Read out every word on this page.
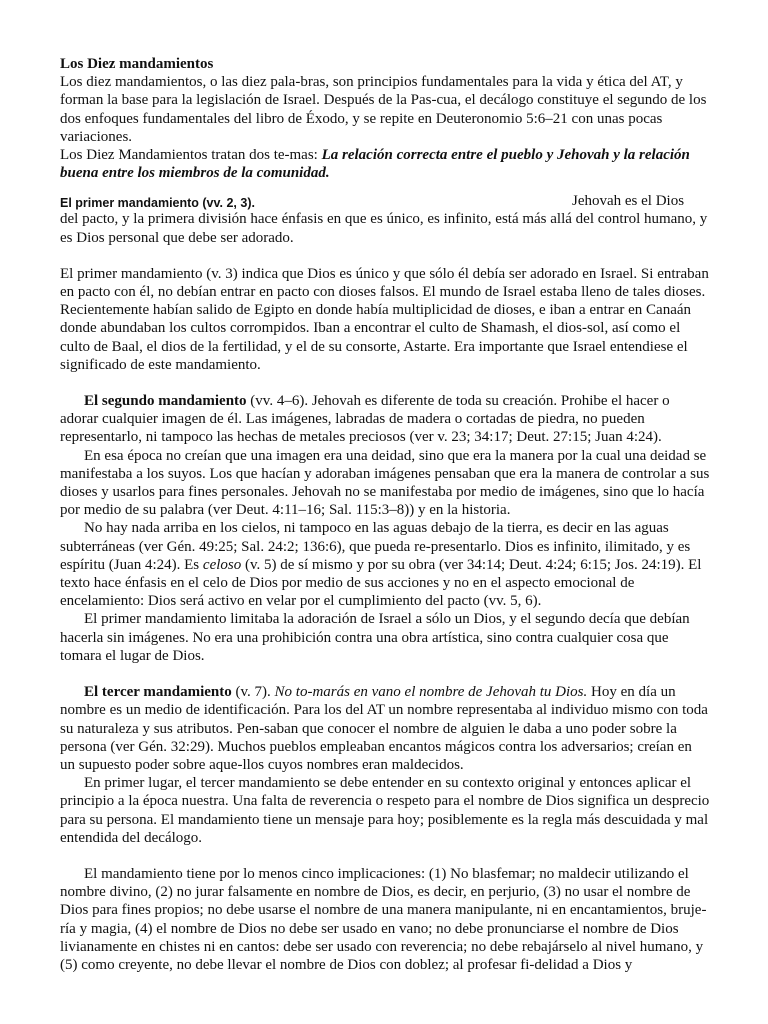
Los Diez mandamientos

Los diez mandamientos, o las diez pala-bras, son principios fundamentales para la vida y ética del AT, y forman la base para la legislación de Israel. Después de la Pas-cua, el decálogo constituye el segundo de los dos enfoques fundamentales del libro de Éxodo, y se repite en Deuteronomio 5:6–21 con unas pocas variaciones.

Los Diez Mandamientos tratan dos te-mas: La relación correcta entre el pueblo y Jehovah y la relación buena entre los miembros de la comunidad.

El primer mandamiento (vv. 2, 3).	Jehovah es el Dios

del pacto, y la primera división hace énfasis en que es único, es infinito, está más allá del control humano, y es Dios personal que debe ser adorado.

El primer mandamiento (v. 3) indica que Dios es único y que sólo él debía ser adorado en Israel. Si entraban en pacto con él, no debían entrar en pacto con dioses falsos. El mundo de Israel estaba lleno de tales dioses. Recientemente habían salido de Egipto en donde había multiplicidad de dioses, e iban a entrar en Canaán donde abundaban los cultos corrompidos. Iban a encontrar el culto de Shamash, el dios-sol, así como el culto de Baal, el dios de la fertilidad, y el de su consorte, Astarte. Era importante que Israel entendiese el significado de este mandamiento.

El segundo mandamiento (vv. 4–6). Jehovah es diferente de toda su creación. Prohibe el hacer o adorar cualquier imagen de él. Las imágenes, labradas de madera o cortadas de piedra, no pueden representarlo, ni tampoco las hechas de metales preciosos (ver v. 23; 34:17; Deut. 27:15; Juan 4:24).

En esa época no creían que una imagen era una deidad, sino que era la manera por la cual una deidad se manifestaba a los suyos. Los que hacían y adoraban imágenes pensaban que era la manera de controlar a sus dioses y usarlos para fines personales. Jehovah no se manifestaba por medio de imágenes, sino que lo hacía por medio de su palabra (ver Deut. 4:11–16; Sal. 115:3–8)) y en la historia.

No hay nada arriba en los cielos, ni tampoco en las aguas debajo de la tierra, es decir en las aguas subterráneas (ver Gén. 49:25; Sal. 24:2; 136:6), que pueda re-presentarlo. Dios es infinito, ilimitado, y es espíritu (Juan 4:24). Es celoso (v. 5) de sí mismo y por su obra (ver 34:14; Deut. 4:24; 6:15; Jos. 24:19). El texto hace énfasis en el celo de Dios por medio de sus acciones y no en el aspecto emocional de encelamiento: Dios será activo en velar por el cumplimiento del pacto (vv. 5, 6).

El primer mandamiento limitaba la adoración de Israel a sólo un Dios, y el segundo decía que debían hacerla sin imágenes. No era una prohibición contra una obra artística, sino contra cualquier cosa que tomara el lugar de Dios.

El tercer mandamiento (v. 7). No to-marás en vano el nombre de Jehovah tu Dios. Hoy en día un nombre es un medio de identificación. Para los del AT un nombre representaba al individuo mismo con toda su naturaleza y sus atributos. Pen-saban que conocer el nombre de alguien le daba a uno poder sobre la persona (ver Gén. 32:29). Muchos pueblos empleaban encantos mágicos contra los adversarios; creían en un supuesto poder sobre aque-llos cuyos nombres eran maldecidos.

En primer lugar, el tercer mandamiento se debe entender en su contexto original y entonces aplicar el principio a la época nuestra. Una falta de reverencia o respeto para el nombre de Dios significa un desprecio para su persona. El mandamiento tiene un mensaje para hoy; posiblemente es la regla más descuidada y mal entendida del decálogo.

El mandamiento tiene por lo menos cinco implicaciones: (1) No blasfemar; no maldecir utilizando el nombre divino, (2) no jurar falsamente en nombre de Dios, es decir, en perjurio, (3) no usar el nombre de Dios para fines propios; no debe usarse el nombre de una manera manipulante, ni en encantamientos, bruje-ría y magia, (4) el nombre de Dios no debe ser usado en vano; no debe pronunciarse el nombre de Dios livianamente en chistes ni en cantos: debe ser usado con reverencia; no debe rebajárselo al nivel humano, y (5) como creyente, no debe llevar el nombre de Dios con doblez; al profesar fi-delidad a Dios y
